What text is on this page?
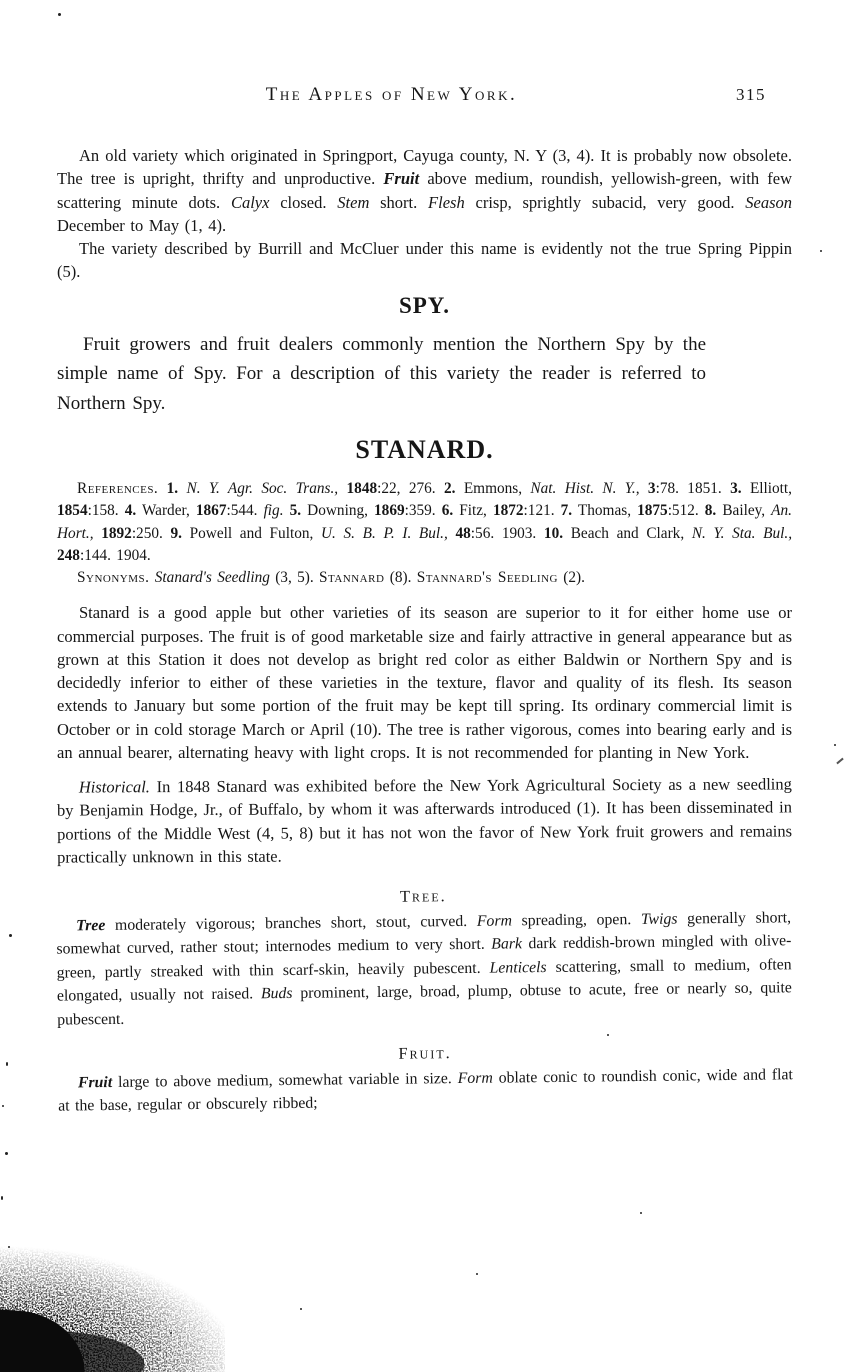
The Apples of New York.	315

An old variety which originated in Springport, Cayuga county, N. Y (3, 4). It is probably now obsolete. The tree is upright, thrifty and unproductive. Fruit above medium, roundish, yellowish-green, with few scattering minute dots. Calyx closed. Stem short. Flesh crisp, sprightly subacid, very good. Season December to May (1, 4).

The variety described by Burrill and McCluer under this name is evidently not the true Spring Pippin (5).

SPY.

Fruit growers and fruit dealers commonly mention the Northern Spy by the simple name of Spy. For a description of this variety the reader is referred to Northern Spy.

STANARD.

References. 1. N. Y. Agr. Soc. Trans., 1848:22, 276. 2. Emmons, Nat. Hist. N. Y., 3:78. 1851. 3. Elliott, 1854:158. 4. Warder, 1867:544. fig. 5. Downing, 1869:359. 6. Fitz, 1872:121. 7. Thomas, 1875:512. 8. Bailey, An. Hort., 1892:250. 9. Powell and Fulton, U. S. B. P. I. Bul., 48:56. 1903. 10. Beach and Clark, N. Y. Sta. Bul., 248:144. 1904.

Synonyms. Stanard's Seedling (3, 5). Stannard (8). Stannard's Seedling (2).

Stanard is a good apple but other varieties of its season are superior to it for either home use or commercial purposes. The fruit is of good marketable size and fairly attractive in general appearance but as grown at this Station it does not develop as bright red color as either Baldwin or Northern Spy and is decidedly inferior to either of these varieties in the texture, flavor and quality of its flesh. Its season extends to January but some portion of the fruit may be kept till spring. Its ordinary commercial limit is October or in cold storage March or April (10). The tree is rather vigorous, comes into bearing early and is an annual bearer, alternating heavy with light crops. It is not recommended for planting in New York.

Historical. In 1848 Stanard was exhibited before the New York Agricultural Society as a new seedling by Benjamin Hodge, Jr., of Buffalo, by whom it was afterwards introduced (1). It has been disseminated in portions of the Middle West (4, 5, 8) but it has not won the favor of New York fruit growers and remains practically unknown in this state.

Tree.

Tree moderately vigorous; branches short, stout, curved. Form spreading, open. Twigs generally short, somewhat curved, rather stout; internodes medium to very short. Bark dark reddish-brown mingled with olive-green, partly streaked with thin scarf-skin, heavily pubescent. Lenticels scattering, small to medium, often elongated, usually not raised. Buds prominent, large, broad, plump, obtuse to acute, free or nearly so, quite pubescent.

Fruit.

Fruit large to above medium, somewhat variable in size. Form oblate conic to roundish conic, wide and flat at the base, regular or obscurely ribbed;
